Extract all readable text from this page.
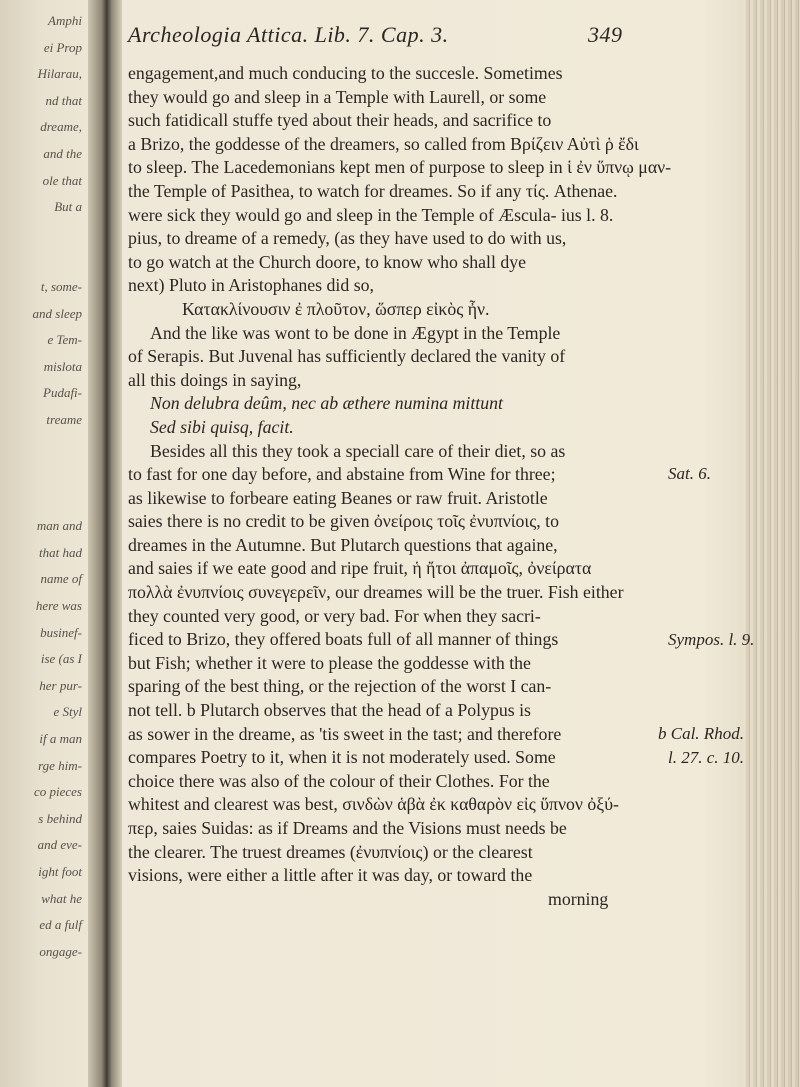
Amphi
ei Prop
Hilarau,
nd that
dreame,
and the
ole that
But a

t, some-
and sleep
e Tem-
mislota
Pudafi-
treame

man and
that had
name of
here was
businef-
ise (as I
her pur-
e Styl
if a man
rge him-
co pieces
s behind
and eve-
ight foot
what he
ed a fulf
ongage-
Archeologia Attica. Lib. 7. Cap. 3.	349
engagement,and much conducing to the succesle. Sometimes
they would go and sleep in a Temple with Laurell, or some
such fatidicall stuffe tyed about their heads, and sacrifice to
a Brizo, the goddesse of the dreamers, so called from Βρίζειν Αὐτὶ ῥ ἔδι
to sleep. The Lacedemonians kept men of purpose to sleep in ἱ ἐν ὕπνῳ μαν-
the Temple of Pasithea, to watch for dreames. So if any τίς. Athenae.
were sick they would go and sleep in the Temple of Æscula- ius l. 8.
pius, to dreame of a remedy, (as they have used to do with us,
to go watch at the Church doore, to know who shall dye
next) Pluto in Aristophanes did so,
Κατακλίνουσιν ἐ πλοῦτον, ὥσπερ εἰκὸς ἦν.
And the like was wont to be done in Ægypt in the Temple
of Serapis. But Juvenal has sufficiently declared the vanity of
all this doings in saying,
Non delubra deûm, nec ab æthere numina mittunt
Sed sibi quisq, facit.
Besides all this they took a speciall care of their diet, so as
to fast for one day before, and abstaine from Wine for three;
as likewise to forbeare eating Beanes or raw fruit. Aristotle
saies there is no credit to be given ὀνείροις τοῖς ἐνυπνίοις, to
dreames in the Autumne. But Plutarch questions that againe,
and saies if we eate good and ripe fruit, ἡ ἤτοι ἀπαμοῖς, ὀνείρατα
πολλὰ ἐνυπνίοις συνεγερεῖν, our dreames will be the truer. Fish either
they counted very good, or very bad. For when they sacri-
ficed to Brizo, they offered boats full of all manner of things
but Fish; whether it were to please the goddesse with the
sparing of the best thing, or the rejection of the worst I can-
not tell. b Plutarch observes that the head of a Polypus is
as sower in the dreame, as 'tis sweet in the tast; and therefore
compares Poetry to it, when it is not moderately used. Some
choice there was also of the colour of their Clothes. For the
whitest and clearest was best, σινδὼν ἁβὰ ἐκ καθαρὸν εἰς ὕπνον ὀξύ-
περ, saies Suidas: as if Dreams and the Visions must needs be
the clearer. The truest dreames (ἐνυπνίοις) or the clearest
visions, were either a little after it was day, or toward the
morning
Sat. 6.
Sympos. l. 9.
b Cal. Rhod.
l. 27. c. 10.
